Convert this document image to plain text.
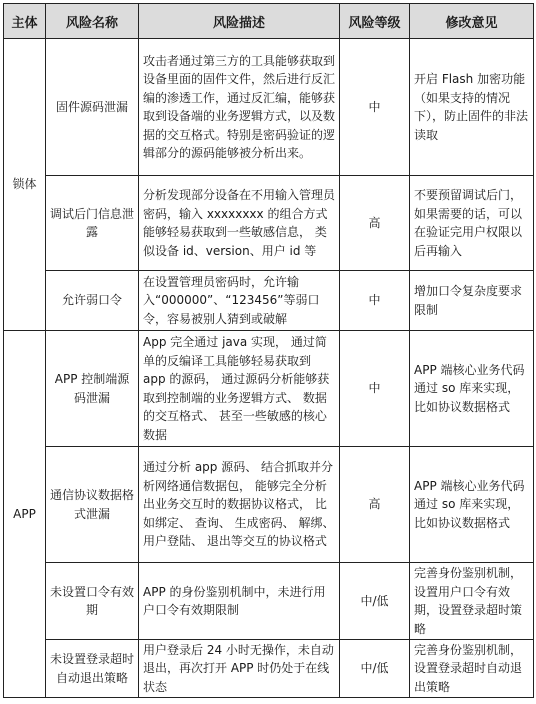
主体	风险名称	风险描述	风险等级	修改意见
锁体	固件源码泄漏	攻击者通过第三方的工具能够获取到设备里面的固件文件，然后进行反汇编的渗透工作，通过反汇编，能够获取到设备端的业务逻辑方式，以及数据的交互格式。特别是密码验证的逻辑部分的源码能够被分析出来。	中	开启 Flash 加密功能（如果支持的情况下），防止固件的非法读取
	调试后门信息泄露	分析发现部分设备在不用输入管理员密码，输入 xxxxxxxx 的组合方式能够轻易获取到一些敏感信息， 类似设备 id、version、用户 id 等	高	不要预留调试后门，如果需要的话，可以在验证完用户权限以后再输入
	允许弱口令	在设置管理员密码时，允许输入“000000”、“123456”等弱口令，容易被别人猜到或破解	中	增加口令复杂度要求限制
APP	APP 控制端源码泄漏	App 完全通过 java 实现， 通过简单的反编译工具能够轻易获取到 app 的源码， 通过源码分析能够获取到控制端的业务逻辑方式、 数据的交互格式、 甚至一些敏感的核心数据	中	APP 端核心业务代码通过 so 库来实现，比如协议数据格式
	通信协议数据格式泄漏	通过分析 app 源码、 结合抓取并分析网络通信数据包， 能够完全分析出业务交互时的数据协议格式， 比如绑定、 查询、 生成密码、 解绑、用户登陆、 退出等交互的协议格式	高	APP 端核心业务代码通过 so 库来实现，比如协议数据格式
	未设置口令有效期	APP 的身份鉴别机制中，未进行用户口令有效期限制	中/低	完善身份鉴别机制，设置用户口令有效期，设置登录超时策略
	未设置登录超时自动退出策略	用户登录后 24 小时无操作，未自动退出，再次打开 APP 时仍处于在线状态	中/低	完善身份鉴别机制，设置登录超时自动退出策略
